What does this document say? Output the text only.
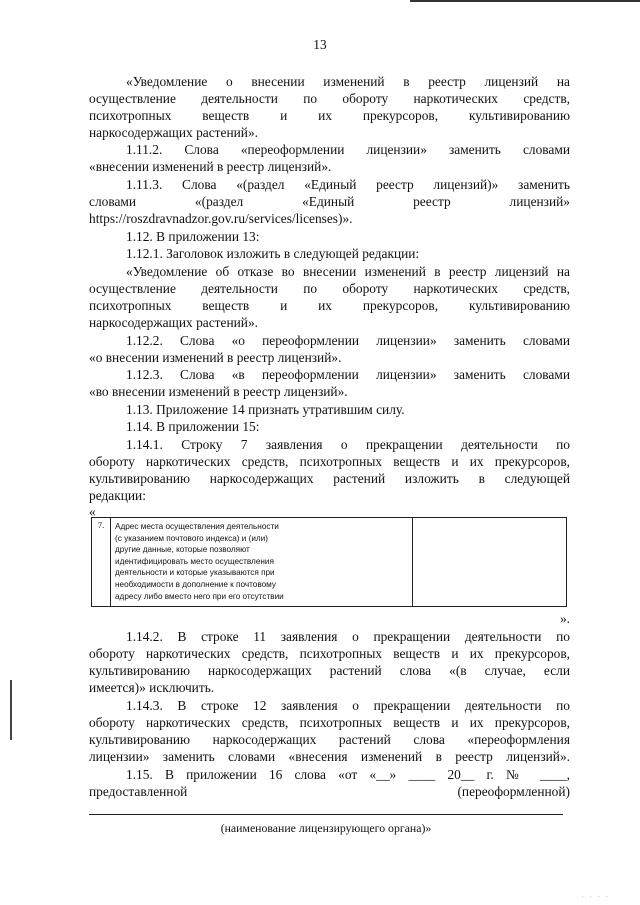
13
«Уведомление о внесении изменений в реестр лицензий на
осуществление деятельности по обороту наркотических средств,
психотропных веществ и их прекурсоров, культивированию
наркосодержащих растений».
1.11.2. Слова «переоформлении лицензии» заменить словами
«внесении изменений в реестр лицензий».
1.11.3. Слова «(раздел «Единый реестр лицензий)» заменить
словами «(раздел «Единый реестр лицензий»
https://roszdravnadzor.gov.ru/services/licenses)».
1.12. В приложении 13:
1.12.1. Заголовок изложить в следующей редакции:
«Уведомление об отказе во внесении изменений в реестр лицензий на
осуществление деятельности по обороту наркотических средств,
психотропных веществ и их прекурсоров, культивированию
наркосодержащих растений».
1.12.2. Слова «о переоформлении лицензии» заменить словами
«о внесении изменений в реестр лицензий».
1.12.3. Слова «в переоформлении лицензии» заменить словами
«во внесении изменений в реестр лицензий».
1.13. Приложение 14 признать утратившим силу.
1.14. В приложении 15:
1.14.1. Строку 7 заявления о прекращении деятельности по
обороту наркотических средств, психотропных веществ и их прекурсоров,
культивированию наркосодержащих растений изложить в следующей
редакции:
«
7.	Адрес места осуществления деятельности
(с указанием почтового индекса) и (или)
другие данные, которые позволяют
идентифицировать место осуществления
деятельности и которые указываются при
необходимости в дополнение к почтовому
адресу либо вместо него при его отсутствии
».
1.14.2. В строке 11 заявления о прекращении деятельности по
обороту наркотических средств, психотропных веществ и их прекурсоров,
культивированию наркосодержащих растений слова «(в случае, если
имеется)» исключить.
1.14.3. В строке 12 заявления о прекращении деятельности по
обороту наркотических средств, психотропных веществ и их прекурсоров,
культивированию наркосодержащих растений слова «переоформления
лицензии» заменить словами «внесения изменений в реестр лицензий».
1.15. В приложении 16 слова «от «__» ____ 20__ г. № ____,
предоставленной (переоформленной)
(наименование лицензирующего органа)»
· · · ·
